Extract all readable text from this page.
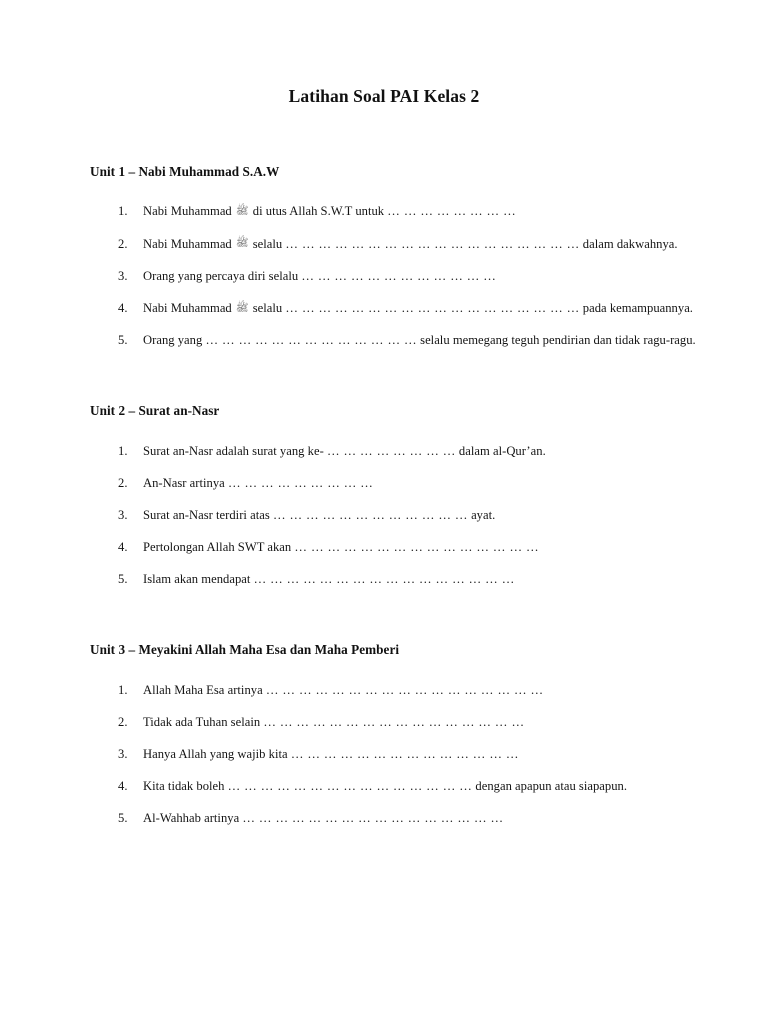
Latihan Soal PAI Kelas 2
Unit 1 – Nabi Muhammad S.A.W
1.	Nabi Muhammad ﷺ di utus Allah S.W.T untuk … … … … … … … …
2.	Nabi Muhammad ﷺ selalu … … … … … … … … … … … … … … … … … … dalam dakwahnya.
3.	Orang yang percaya diri selalu … … … … … … … … … … … …
4.	Nabi Muhammad ﷺ selalu … … … … … … … … … … … … … … … … … … pada kemampuannya.
5.	Orang yang … … … … … … … … … … … … … selalu memegang teguh pendirian dan tidak ragu-ragu.
Unit 2 – Surat an-Nasr
1.	Surat an-Nasr adalah surat yang ke- … … … … … … … … dalam al-Qur’an.
2.	An-Nasr artinya … … … … … … … … …
3.	Surat an-Nasr terdiri atas … … … … … … … … … … … … ayat.
4.	Pertolongan Allah SWT akan … … … … … … … … … … … … … … …
5.	Islam akan mendapat … … … … … … … … … … … … … … … …
Unit 3 – Meyakini Allah Maha Esa dan Maha Pemberi
1.	Allah Maha Esa artinya … … … … … … … … … … … … … … … … …
2.	Tidak ada Tuhan selain … … … … … … … … … … … … … … … …
3.	Hanya Allah yang wajib kita … … … … … … … … … … … … … …
4.	Kita tidak boleh … … … … … … … … … … … … … … … dengan apapun atau siapapun.
5.	Al-Wahhab artinya … … … … … … … … … … … … … … … …
